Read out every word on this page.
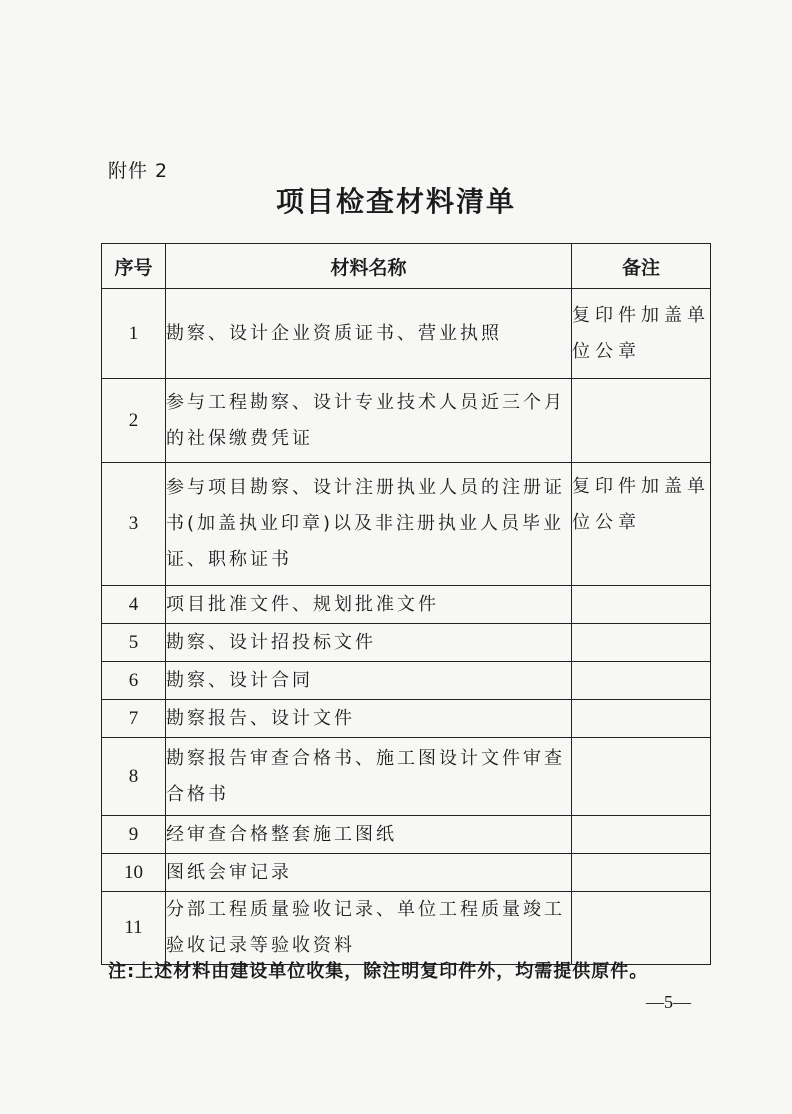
附件 2
项目检查材料清单
序号	材料名称	备注
1	勘察、设计企业资质证书、营业执照	复印件加盖单位公章
2	参与工程勘察、设计专业技术人员近三个月的社保缴费凭证	
3	参与项目勘察、设计注册执业人员的注册证书(加盖执业印章)以及非注册执业人员毕业证、职称证书	复印件加盖单位公章
4	项目批准文件、规划批准文件	
5	勘察、设计招投标文件	
6	勘察、设计合同	
7	勘察报告、设计文件	
8	勘察报告审查合格书、施工图设计文件审查合格书	
9	经审查合格整套施工图纸	
10	图纸会审记录	
11	分部工程质量验收记录、单位工程质量竣工验收记录等验收资料	
注:上述材料由建设单位收集，除注明复印件外，均需提供原件。
—5—
